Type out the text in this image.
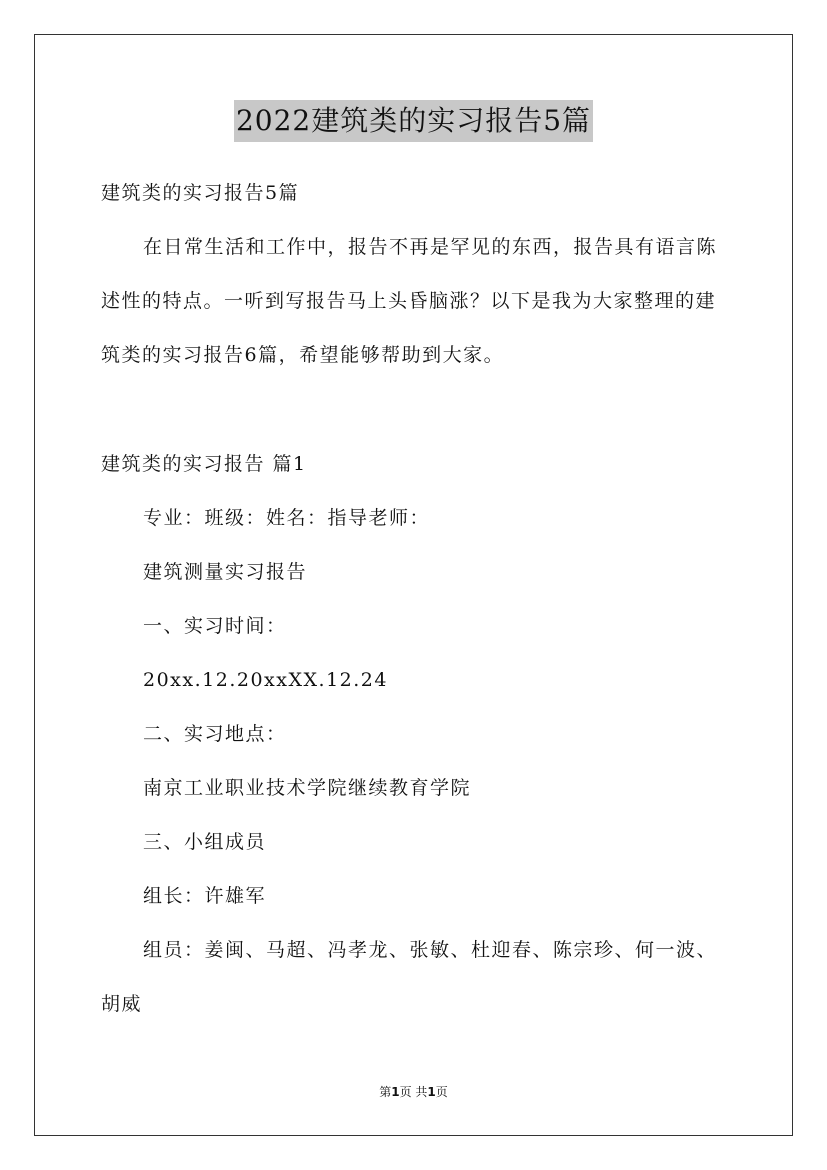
2022建筑类的实习报告5篇
建筑类的实习报告5篇
在日常生活和工作中，报告不再是罕见的东西，报告具有语言陈
述性的特点。一听到写报告马上头昏脑涨？以下是我为大家整理的建
筑类的实习报告6篇，希望能够帮助到大家。
建筑类的实习报告 篇1
专业：班级：姓名：指导老师：
建筑测量实习报告
一、实习时间：
20xx.12.20xxXX.12.24
二、实习地点：
南京工业职业技术学院继续教育学院
三、小组成员
组长：许雄军
组员：姜闽、马超、冯孝龙、张敏、杜迎春、陈宗珍、何一波、
胡威
第1页 共1页
